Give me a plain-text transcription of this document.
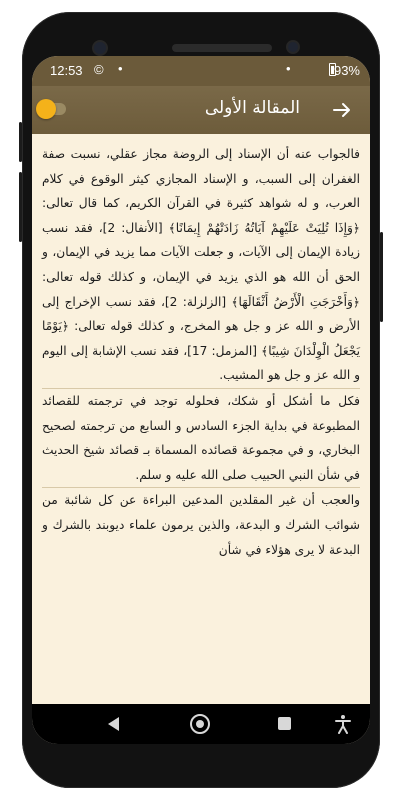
12:53 © •	•	93%
المقالة الأولى

فالجواب عنه أن الإسناد إلى الروضة مجاز عقلي، نسبت صفة الغفران إلى السبب، و الإسناد المجازي كيثر الوقوع في كلام العرب، و له شواهد كثيرة في القرآن الكريم، كما قال تعالى: ﴿وَإِذَا تُلِيَتْ عَلَيْهِمْ آيَاتُهُ زَادَتْهُمْ إِيمَانًا﴾ [الأنفال: 2]، فقد نسب زيادة الإيمان إلى الآيات، و جعلت الآيات مما يزيد في الإيمان، و الحق أن الله هو الذي يزيد في الإيمان، و كذلك قوله تعالى: ﴿وَأَخْرَجَتِ الْأَرْضُ أَثْقَالَهَا﴾ [الزلزلة: 2]، فقد نسب الإخراج إلى الأرض و الله عز و جل هو المخرج، و كذلك قوله تعالى: ﴿يَوْمًا يَجْعَلُ الْوِلْدَانَ شِيبًا﴾ [المزمل: 17]، فقد نسب الإشابة إلى اليوم و الله عز و جل هو المشيب.

فكل ما أشكل أو شكك، فحلوله توجد في ترجمته للقصائد المطبوعة في بداية الجزء السادس و السابع من ترجمته لصحيح البخاري، و في مجموعة قصائده المسماة بـ قصائد شيخ الحديث في شأن النبي الحبيب صلى الله عليه و سلم.

والعجب أن غير المقلدين المدعين البراءة عن كل شائبة من شوائب الشرك و البدعة، والذين يرمون علماء ديوبند بالشرك و البدعة لا يرى هؤلاء في شأن
